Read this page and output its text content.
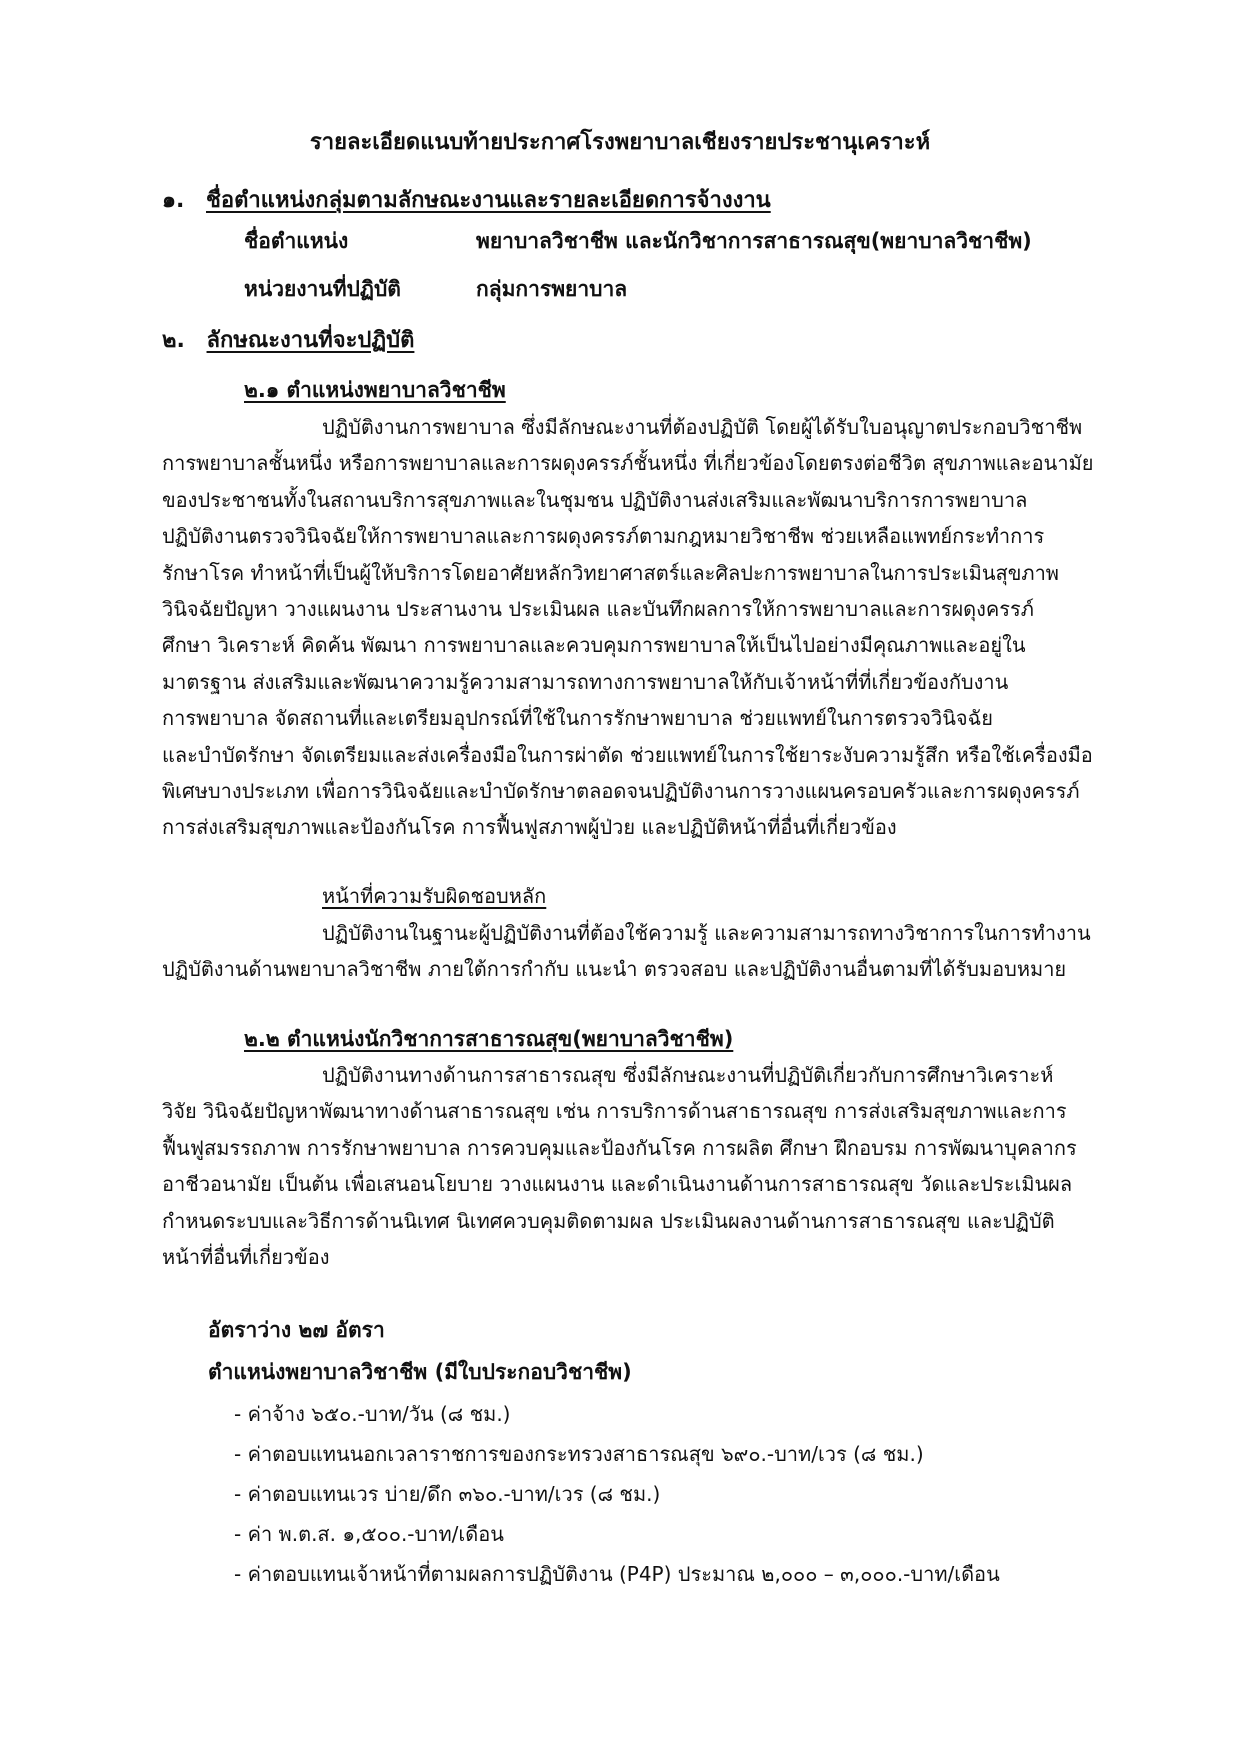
รายละเอียดแนบท้ายประกาศโรงพยาบาลเชียงรายประชานุเคราะห์
๑. ชื่อตำแหน่งกลุ่มตามลักษณะงานและรายละเอียดการจ้างงาน
ชื่อตำแหน่ง	พยาบาลวิชาชีพ และนักวิชาการสาธารณสุข(พยาบาลวิชาชีพ)
หน่วยงานที่ปฏิบัติ	กลุ่มการพยาบาล
๒. ลักษณะงานที่จะปฏิบัติ
๒.๑ ตำแหน่งพยาบาลวิชาชีพ
ปฏิบัติงานการพยาบาล ซึ่งมีลักษณะงานที่ต้องปฏิบัติ โดยผู้ได้รับใบอนุญาตประกอบวิชาชีพ
การพยาบาลชั้นหนึ่ง หรือการพยาบาลและการผดุงครรภ์ชั้นหนึ่ง ที่เกี่ยวข้องโดยตรงต่อชีวิต สุขภาพและอนามัย
ของประชาชนทั้งในสถานบริการสุขภาพและในชุมชน ปฏิบัติงานส่งเสริมและพัฒนาบริการการพยาบาล
ปฏิบัติงานตรวจวินิจฉัยให้การพยาบาลและการผดุงครรภ์ตามกฎหมายวิชาชีพ ช่วยเหลือแพทย์กระทำการ
รักษาโรค ทำหน้าที่เป็นผู้ให้บริการโดยอาศัยหลักวิทยาศาสตร์และศิลปะการพยาบาลในการประเมินสุขภาพ
วินิจฉัยปัญหา วางแผนงาน ประสานงาน ประเมินผล และบันทึกผลการให้การพยาบาลและการผดุงครรภ์
ศึกษา วิเคราะห์ คิดค้น พัฒนา การพยาบาลและควบคุมการพยาบาลให้เป็นไปอย่างมีคุณภาพและอยู่ใน
มาตรฐาน ส่งเสริมและพัฒนาความรู้ความสามารถทางการพยาบาลให้กับเจ้าหน้าที่ที่เกี่ยวข้องกับงาน
การพยาบาล จัดสถานที่และเตรียมอุปกรณ์ที่ใช้ในการรักษาพยาบาล ช่วยแพทย์ในการตรวจวินิจฉัย
และบำบัดรักษา จัดเตรียมและส่งเครื่องมือในการผ่าตัด ช่วยแพทย์ในการใช้ยาระงับความรู้สึก หรือใช้เครื่องมือ
พิเศษบางประเภท เพื่อการวินิจฉัยและบำบัดรักษาตลอดจนปฏิบัติงานการวางแผนครอบครัวและการผดุงครรภ์
การส่งเสริมสุขภาพและป้องกันโรค การฟื้นฟูสภาพผู้ป่วย และปฏิบัติหน้าที่อื่นที่เกี่ยวข้อง
หน้าที่ความรับผิดชอบหลัก
ปฏิบัติงานในฐานะผู้ปฏิบัติงานที่ต้องใช้ความรู้ และความสามารถทางวิชาการในการทำงาน
ปฏิบัติงานด้านพยาบาลวิชาชีพ ภายใต้การกำกับ แนะนำ ตรวจสอบ และปฏิบัติงานอื่นตามที่ได้รับมอบหมาย
๒.๒ ตำแหน่งนักวิชาการสาธารณสุข(พยาบาลวิชาชีพ)
ปฏิบัติงานทางด้านการสาธารณสุข ซึ่งมีลักษณะงานที่ปฏิบัติเกี่ยวกับการศึกษาวิเคราะห์
วิจัย วินิจฉัยปัญหาพัฒนาทางด้านสาธารณสุข เช่น การบริการด้านสาธารณสุข การส่งเสริมสุขภาพและการ
ฟื้นฟูสมรรถภาพ การรักษาพยาบาล การควบคุมและป้องกันโรค การผลิต ศึกษา ฝึกอบรม การพัฒนาบุคลากร
อาชีวอนามัย เป็นต้น เพื่อเสนอนโยบาย วางแผนงาน และดำเนินงานด้านการสาธารณสุข วัดและประเมินผล
กำหนดระบบและวิธีการด้านนิเทศ นิเทศควบคุมติดตามผล ประเมินผลงานด้านการสาธารณสุข และปฏิบัติ
หน้าที่อื่นที่เกี่ยวข้อง
อัตราว่าง ๒๗ อัตรา
ตำแหน่งพยาบาลวิชาชีพ (มีใบประกอบวิชาชีพ)
- ค่าจ้าง ๖๕๐.-บาท/วัน (๘ ชม.)
- ค่าตอบแทนนอกเวลาราชการของกระทรวงสาธารณสุข ๖๙๐.-บาท/เวร (๘ ชม.)
- ค่าตอบแทนเวร บ่าย/ดึก ๓๖๐.-บาท/เวร (๘ ชม.)
- ค่า พ.ต.ส. ๑,๕๐๐.-บาท/เดือน
- ค่าตอบแทนเจ้าหน้าที่ตามผลการปฏิบัติงาน (P4P) ประมาณ ๒,๐๐๐ – ๓,๐๐๐.-บาท/เดือน
